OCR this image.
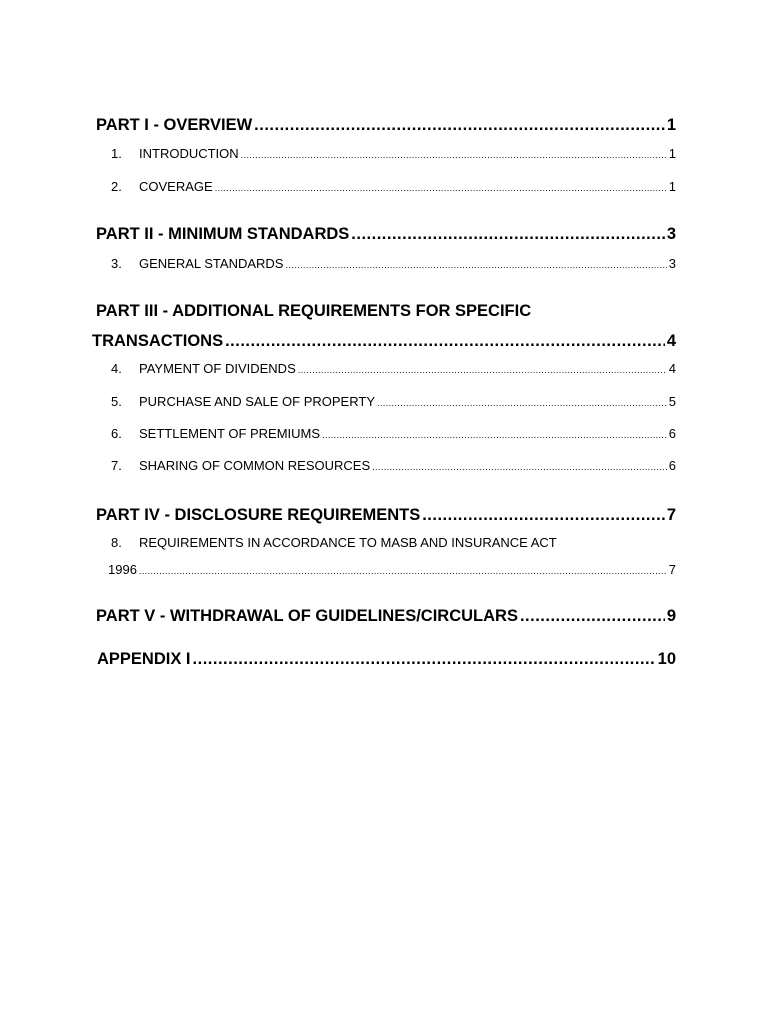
PART I - OVERVIEW .....	1
1.	INTRODUCTION .....	1
2.	COVERAGE .....	1
PART II - MINIMUM STANDARDS .....	3
3.	GENERAL STANDARDS .....	3
PART III - ADDITIONAL REQUIREMENTS FOR SPECIFIC
TRANSACTIONS .....	4
4.	PAYMENT OF DIVIDENDS .....	4
5.	PURCHASE AND SALE OF PROPERTY .....	5
6.	SETTLEMENT OF PREMIUMS .....	6
7.	SHARING OF COMMON RESOURCES .....	6
PART IV - DISCLOSURE REQUIREMENTS .....	7
8.	REQUIREMENTS IN ACCORDANCE TO MASB AND INSURANCE ACT
1996 .....	7
PART V - WITHDRAWAL OF GUIDELINES/CIRCULARS .....	9
APPENDIX I .....	10
